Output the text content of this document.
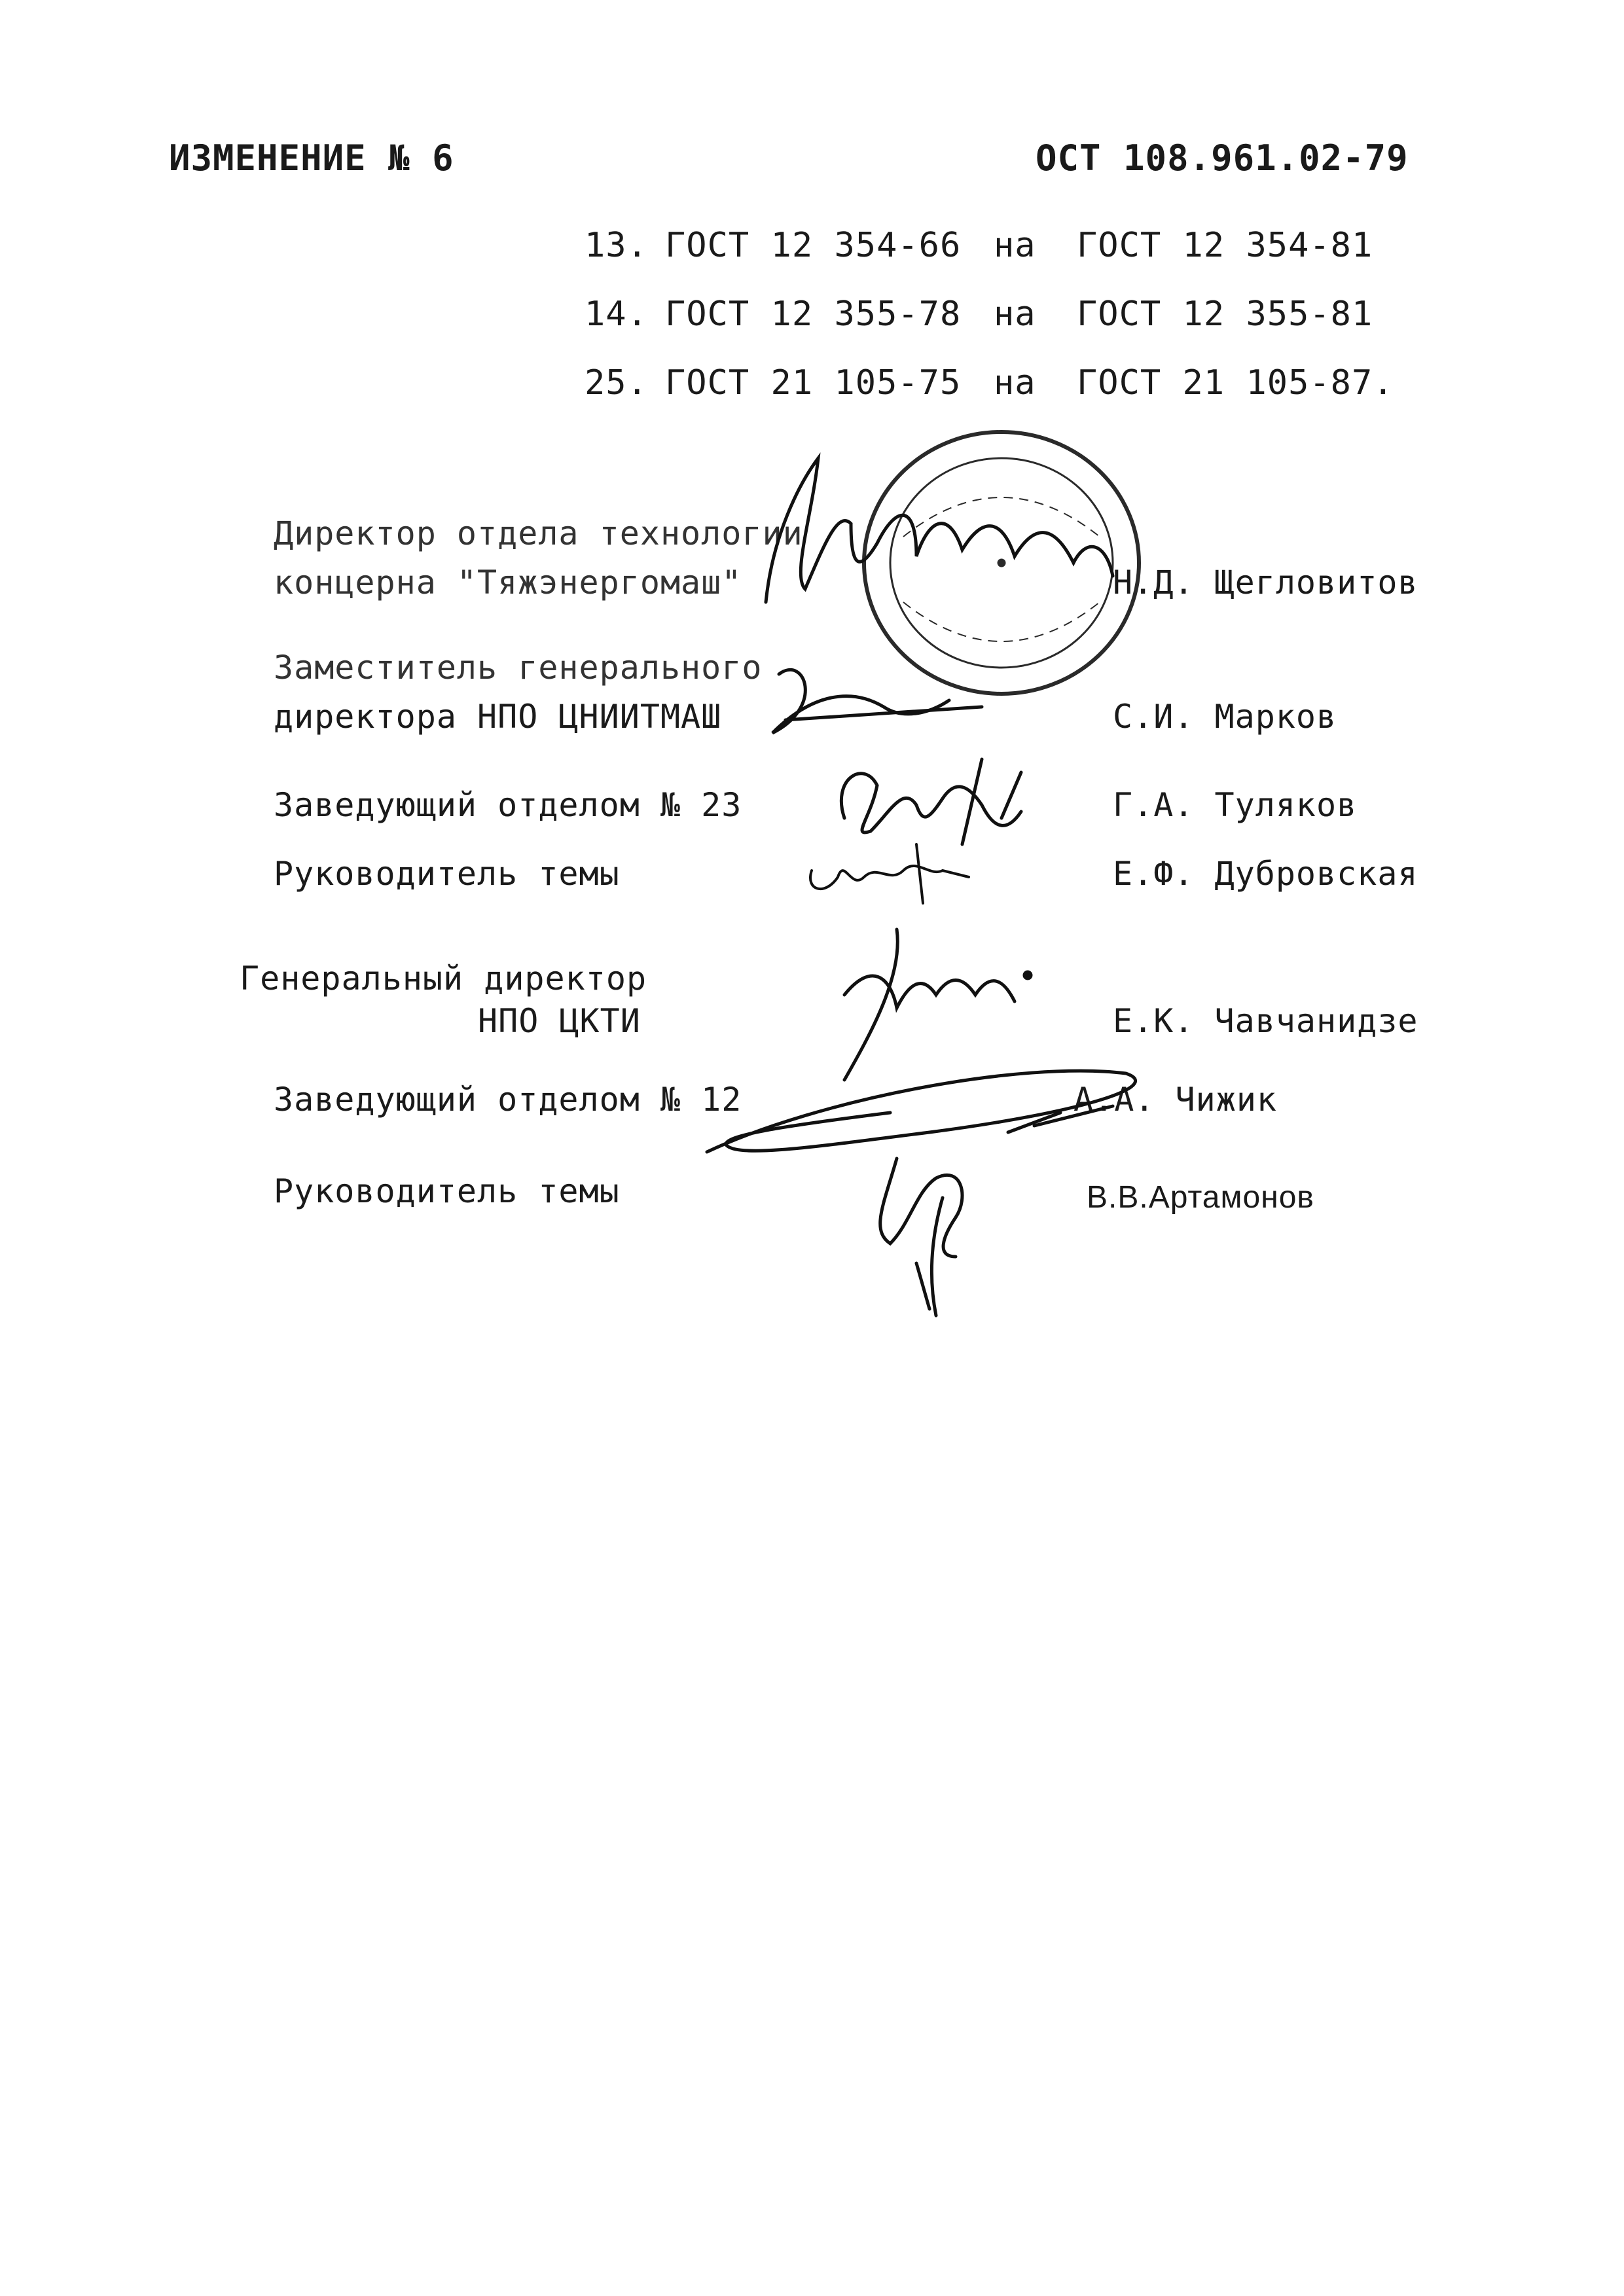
ИЗМЕНЕНИЕ № 6	ОСТ 108.961.02-79
13. ГОСТ 12 354-66 на ГОСТ 12 354-81
14. ГОСТ 12 355-78 на ГОСТ 12 355-81
25. ГОСТ 21 105-75 на ГОСТ 21 105-87.
Директор отдела технологии
концерна "Тяжэнергомаш"	Н.Д. Щегловитов
Заместитель генерального
директора НПО ЦНИИТМАШ	С.И. Марков
Заведующий отделом № 23	Г.А. Туляков
Руководитель темы	Е.Ф. Дубровская
Генеральный директор
НПО ЦКТИ	Е.К. Чавчанидзе
Заведующий отделом № 12	А.А. Чижик
Руководитель темы	В.В.Артамонов
